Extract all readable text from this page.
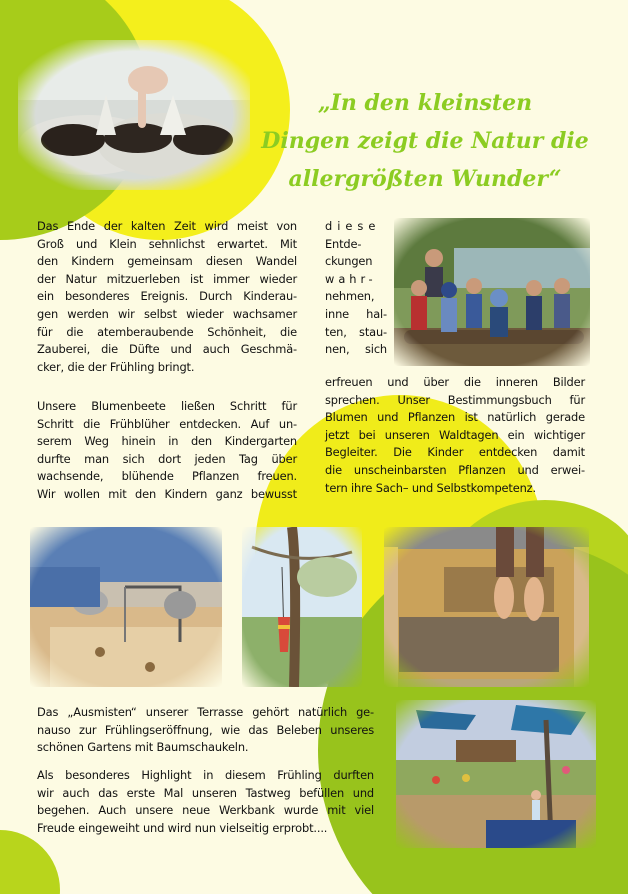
„In den kleinsten
Dingen zeigt die Natur die
allergrößten Wunder“

Das Ende der kalten Zeit wird meist von
Groß und Klein sehnlichst erwartet. Mit
den Kindern gemeinsam diesen Wandel
der Natur mitzuerleben ist immer wieder
ein besonderes Ereignis. Durch Kinderau-
gen werden wir selbst wieder wachsamer
für die atemberaubende Schönheit, die
Zauberei, die Düfte und auch Geschmä-
cker, die der Frühling bringt.

Unsere Blumenbeete ließen Schritt für
Schritt die Frühblüher entdecken. Auf un-
serem Weg hinein in den Kindergarten
durfte man sich dort jeden Tag über
wachsende, blühende Pflanzen freuen.
Wir wollen mit den Kindern ganz bewusst

diese
Entde-
ckungen
wahr-
nehmen,
inne hal-
ten, stau-
nen, sich

erfreuen und über die inneren Bilder
sprechen. Unser Bestimmungsbuch für
Blumen und Pflanzen ist natürlich gerade
jetzt bei unseren Waldtagen ein wichtiger
Begleiter. Die Kinder entdecken damit
die unscheinbarsten Pflanzen und erwei-
tern ihre Sach– und Selbstkompetenz.

Das „Ausmisten“ unserer Terrasse gehört natürlich ge-
nauso zur Frühlingseröffnung, wie das Beleben unseres
schönen Gartens mit Baumschaukeln.

Als besonderes Highlight in diesem Frühling durften
wir auch das erste Mal unseren Tastweg befüllen und
begehen. Auch unsere neue Werkbank wurde mit viel
Freude eingeweiht und wird nun vielseitig erprobt....
